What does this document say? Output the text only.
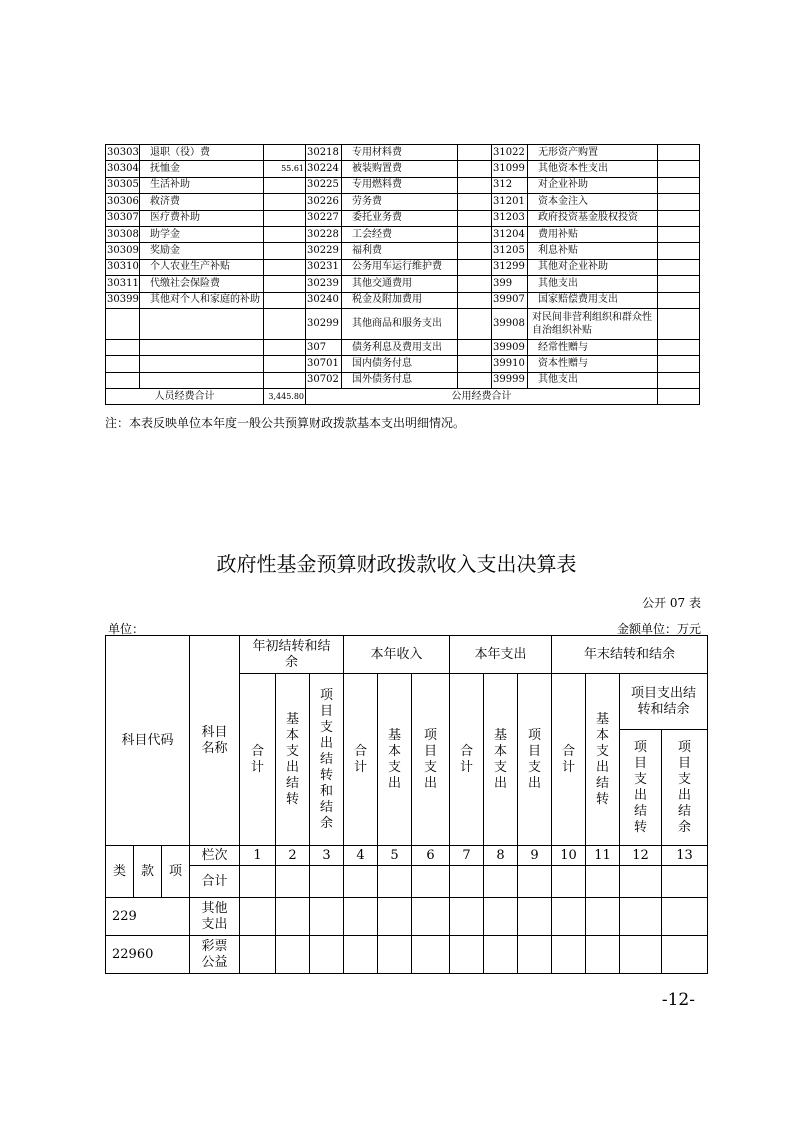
30303	退职（役）费		30218	专用材料费		31022	无形资产购置	
30304	抚恤金	55.61	30224	被装购置费		31099	其他资本性支出	
30305	生活补助		30225	专用燃料费		312	对企业补助	
30306	救济费		30226	劳务费		31201	资本金注入	
30307	医疗费补助		30227	委托业务费		31203	政府投资基金股权投资	
30308	助学金		30228	工会经费		31204	费用补贴	
30309	奖励金		30229	福利费		31205	利息补贴	
30310	个人农业生产补贴		30231	公务用车运行维护费		31299	其他对企业补助	
30311	代缴社会保险费		30239	其他交通费用		399	其他支出	
30399	其他对个人和家庭的补助		30240	税金及附加费用		39907	国家赔偿费用支出	
			30299	其他商品和服务支出		39908	对民间非营利组织和群众性自治组织补贴	
			307	债务利息及费用支出		39909	经常性赠与	
			30701	国内债务付息		39910	资本性赠与	
			30702	国外债务付息		39999	其他支出	
人员经费合计		3,445.80	公用经费合计					
注：本表反映单位本年度一般公共预算财政拨款基本支出明细情况。
政府性基金预算财政拨款收入支出决算表
公开 07 表
单位：	金额单位：万元
科目代码			科目名称	年初结转和结余			本年收入			本年支出			年末结转和结余			
				合计	基本支出结转	项目支出结转和结余	合计	基本支出	项目支出	合计	基本支出	项目支出	合计	基本支出结转	项目支出结转和结余	
															项目支出结转	项目支出结余
类	款	项	栏次	1	2	3	4	5	6	7	8	9	10	11	12	13
			合计													
229			其他支出													
22960			彩票公益													
-12-
